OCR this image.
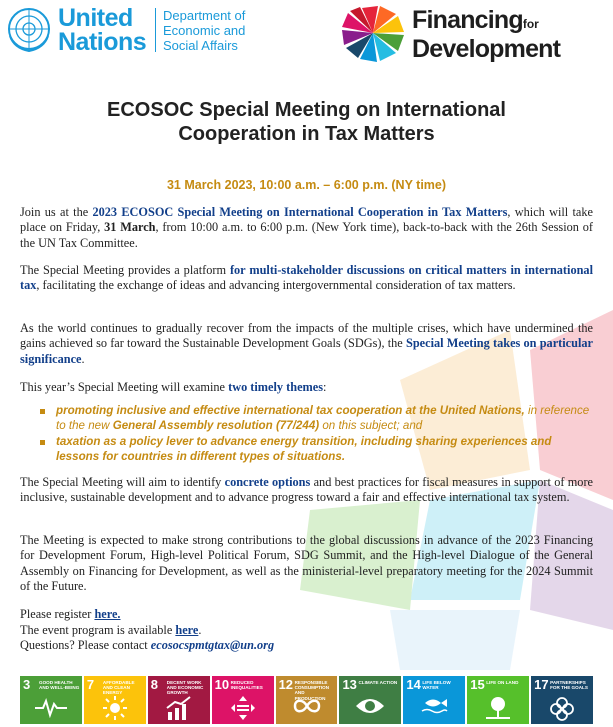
United
Nations
Department of
Economic and
Social Affairs
Financingfor
Development
ECOSOC Special Meeting on International
Cooperation in Tax Matters
31 March 2023, 10:00 a.m. – 6:00 p.m. (NY time)

Join us at the 2023 ECOSOC Special Meeting on International Cooperation in Tax Matters, which will take place on Friday, 31 March, from 10:00 a.m. to 6:00 p.m. (New York time), back-to-back with the 26th Session of the UN Tax Committee.

The Special Meeting provides a platform for multi-stakeholder discussions on critical matters in international tax, facilitating the exchange of ideas and advancing intergovernmental consideration of tax matters.

As the world continues to gradually recover from the impacts of the multiple crises, which have undermined the gains achieved so far toward the Sustainable Development Goals (SDGs), the Special Meeting takes on particular significance.

This year’s Special Meeting will examine two timely themes:

promoting inclusive and effective international tax cooperation at the United Nations, in reference to the new General Assembly resolution (77/244) on this subject; and
taxation as a policy lever to advance energy transition, including sharing experiences and lessons for countries in different types of situations.

The Special Meeting will aim to identify concrete options and best practices for fiscal measures in support of more inclusive, sustainable development and to advance progress toward a fair and effective international tax system.

The Meeting is expected to make strong contributions to the global discussions in advance of the 2023 Financing for Development Forum, High-level Political Forum, SDG Summit, and the High-level Dialogue of the General Assembly on Financing for Development, as well as the ministerial-level preparatory meeting for the 2024 Summit of the Future.

Please register here.
The event program is available here.
Questions? Please contact ecosocspmtgtax@un.org
3 GOOD HEALTH AND WELL-BEING 7 AFFORDABLE AND CLEAN ENERGY
8 DECENT WORK AND ECONOMIC GROWTH
10 REDUCED INEQUALITIES	12 RESPONSIBLE CONSUMPTION AND PRODUCTION
13 CLIMATE ACTION 14 LIFE BELOW WATER	15 LIFE ON LAND	17 PARTNERSHIPS FOR THE GOALS
